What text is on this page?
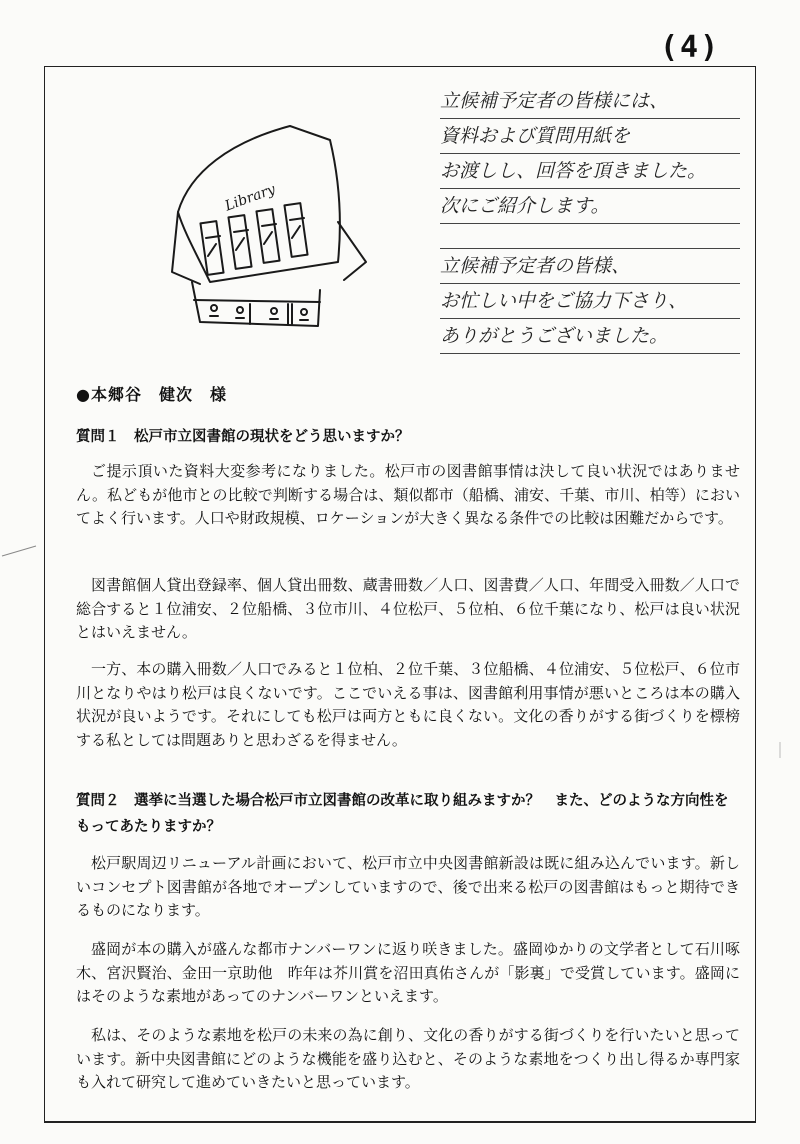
(4)
Library
立候補予定者の皆様には、
資料および質問用紙を
お渡しし、回答を頂きました。
次にご紹介します。
立候補予定者の皆様、
お忙しい中をご協力下さり、
ありがとうございました。
●本郷谷　健次　様
質問１　松戸市立図書館の現状をどう思いますか？
ご提示頂いた資料大変参考になりました。松戸市の図書館事情は決して良い状況ではありません。私どもが他市との比較で判断する場合は、類似都市（船橋、浦安、千葉、市川、柏等）においてよく行います。人口や財政規模、ロケーションが大きく異なる条件での比較は困難だからです。
図書館個人貸出登録率、個人貸出冊数、蔵書冊数／人口、図書費／人口、年間受入冊数／人口で総合すると１位浦安、２位船橋、３位市川、４位松戸、５位柏、６位千葉になり、松戸は良い状況とはいえません。
一方、本の購入冊数／人口でみると１位柏、２位千葉、３位船橋、４位浦安、５位松戸、６位市川となりやはり松戸は良くないです。ここでいえる事は、図書館利用事情が悪いところは本の購入状況が良いようです。それにしても松戸は両方ともに良くない。文化の香りがする街づくりを標榜する私としては問題ありと思わざるを得ません。
質問２　選挙に当選した場合松戸市立図書館の改革に取り組みますか？　また、どのような方向性をもってあたりますか？
松戸駅周辺リニューアル計画において、松戸市立中央図書館新設は既に組み込んでいます。新しいコンセプト図書館が各地でオープンしていますので、後で出来る松戸の図書館はもっと期待できるものになります。
盛岡が本の購入が盛んな都市ナンバーワンに返り咲きました。盛岡ゆかりの文学者として石川啄木、宮沢賢治、金田一京助他　昨年は芥川賞を沼田真佑さんが「影裏」で受賞しています。盛岡にはそのような素地があってのナンバーワンといえます。
私は、そのような素地を松戸の未来の為に創り、文化の香りがする街づくりを行いたいと思っています。新中央図書館にどのような機能を盛り込むと、そのような素地をつくり出し得るか専門家も入れて研究して進めていきたいと思っています。
